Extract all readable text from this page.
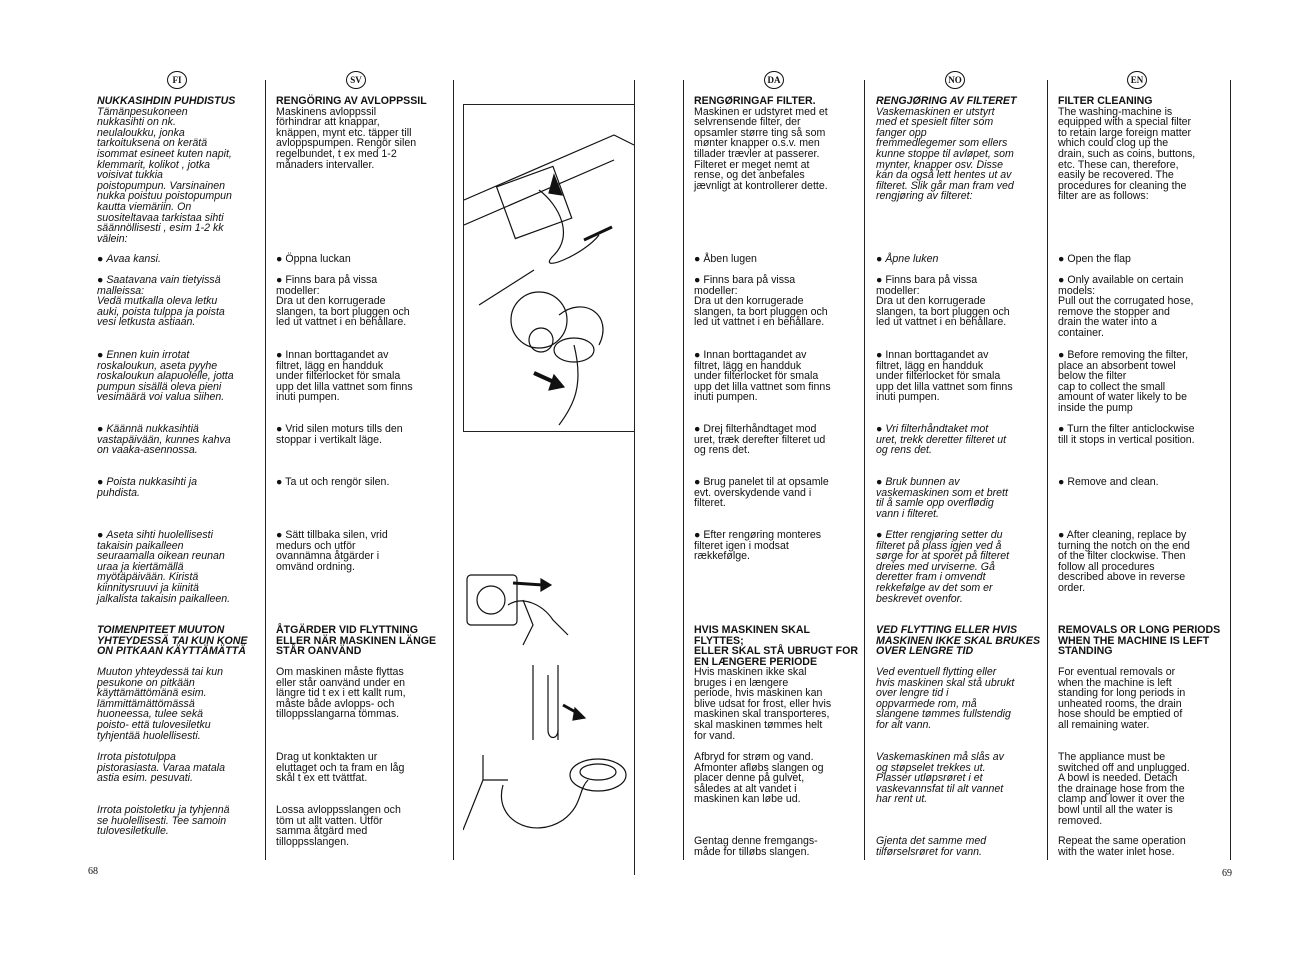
FI	SV	DA	NO	EN

NUKKASIHDIN PUHDISTUS

Tämänpesukoneen
nukkasihti on nk.
neulaloukku, jonka
tarkoituksena on kerätä
isommat esineet kuten napit,
klemmarit, kolikot , jotka
voisivat tukkia
poistopumpun. Varsinainen
nukka poistuu poistopumpun
kautta viemäriin. On
suositeltavaa tarkistaa sihti
säännöllisesti , esim 1-2 kk
välein:

● Avaa kansi.

● Saatavana vain tietyissä
malleissa:
Vedä mutkalla oleva letku
auki, poista tulppa ja poista
vesi letkusta astiaan.

● Ennen kuin irrotat
roskaloukun, aseta pyyhe
roskaloukun alapuolelle, jotta
pumpun sisällä oleva pieni
vesimäärä voi valua siihen.

● Käännä nukkasihtiä
vastapäivään, kunnes kahva
on vaaka-asennossa.

● Poista nukkasihti ja
puhdista.

● Aseta sihti huolellisesti
takaisin paikalleen
seuraamalla oikean reunan
uraa ja kiertämällä
myötäpäivään. Kiristä
kiinnitysruuvi ja kiinitä
jalkalista takaisin paikalleen.

TOIMENPITEET MUUTON
YHTEYDESSÄ TAI KUN KONE
ON PITKAAN KÄYTTÄMÄTTÄ

Muuton yhteydessä tai kun
pesukone on pitkään
käyttämättömänä esim.
lämmittämättömässä
huoneessa, tulee sekä
poisto- että tulovesiletku
tyhjentää huolellisesti.

Irrota pistotulppa
pistorasiasta. Varaa matala
astia esim. pesuvati.

Irrota poistoletku ja tyhjennä
se huolellisesti. Tee samoin
tulovesiletkulle.

RENGÖRING AV AVLOPPSSIL

Maskinens avloppssil
förhindrar att knappar,
knäppen, mynt etc. täpper till
avloppspumpen. Rengör silen
regelbundet, t ex med 1-2
månaders intervaller.

● Öppna luckan

● Finns bara på vissa
modeller:
Dra ut den korrugerade
slangen, ta bort pluggen och
led ut vattnet i en behållare.

● Innan borttagandet av
filtret, lägg en handduk
under filterlocket för smala
upp det lilla vattnet som finns
inuti pumpen.

● Vrid silen moturs tills den
stoppar i vertikalt läge.

● Ta ut och rengör silen.

● Sätt tillbaka silen, vrid
medurs och utför
ovannämna åtgärder i
omvänd ordning.

ÅTGÄRDER VID FLYTTNING
ELLER NÄR MASKINEN LÄNGE
STÅR OANVÄND

Om maskinen måste flyttas
eller står oanvänd under en
längre tid t ex i ett kallt rum,
måste både avlopps- och
tilloppsslangarna tömmas.

Drag ut konktakten ur
eluttaget och ta fram en låg
skål t ex ett tvättfat.

Lossa avloppsslangen och
töm ut allt vatten. Utför
samma åtgärd med
tilloppsslangen.

RENGØRINGAF FILTER.

Maskinen er udstyret med et
selvrensende filter, der
opsamler større ting så som
mønter knapper o.s.v. men
tillader trævler at passerer.
Filteret er meget nemt at
rense, og det anbefales
jævnligt at kontrollerer dette.

● Åben lugen

● Finns bara på vissa
modeller:
Dra ut den korrugerade
slangen, ta bort pluggen och
led ut vattnet i en behållare.

● Innan borttagandet av
filtret, lägg en handduk
under filterlocket för smala
upp det lilla vattnet som finns
inuti pumpen.

● Drej filterhåndtaget mod
uret, træk derefter filteret ud
og rens det.

● Brug panelet til at opsamle
evt. overskydende vand i
filteret.

● Efter rengøring monteres
filteret igen i modsat
rækkefølge.

HVIS MASKINEN SKAL FLYTTES;
ELLER SKAL STÅ UBRUGT FOR
EN LÆNGERE PERIODE

Hvis maskinen ikke skal
bruges i en længere
periode, hvis maskinen kan
blive udsat for frost, eller hvis
maskinen skal transporteres,
skal maskinen tømmes helt
for vand.

Afbryd for strøm og vand.
Afmonter afløbs slangen og
placer denne på gulvet,
således at alt vandet i
maskinen kan løbe ud.

Gentag denne fremgangs-
måde for tilløbs slangen.

RENGJØRING AV FILTERET

Vaskemaskinen er utstyrt
med et spesielt filter som
fanger opp
fremmedlegemer som ellers
kunne stoppe til avløpet, som
mynter, knapper osv. Disse
kan da også lett hentes ut av
filteret. Slik går man fram ved
rengjøring av filteret:

● Åpne luken

● Finns bara på vissa
modeller:
Dra ut den korrugerade
slangen, ta bort pluggen och
led ut vattnet i en behållare.

● Innan borttagandet av
filtret, lägg en handduk
under filterlocket för smala
upp det lilla vattnet som finns
inuti pumpen.

● Vri filterhåndtaket mot
uret, trekk deretter filteret ut
og rens det.

● Bruk bunnen av
vaskemaskinen som et brett
til å samle opp overflødig
vann i filteret.

● Etter rengjøring setter du
filteret på plass igjen ved å
sørge for at sporet på filteret
dreies med urviserne. Gå
deretter fram i omvendt
rekkefølge av det som er
beskrevet ovenfor.

VED FLYTTING ELLER HVIS
MASKINEN IKKE SKAL BRUKES
OVER LENGRE TID

Ved eventuell flytting eller
hvis maskinen skal stå ubrukt
over lengre tid i
oppvarmede rom, må
slangene tømmes fullstendig
for alt vann.

Vaskemaskinen må slås av
og støpselet trekkes ut.
Plasser utløpsrøret i et
vaskevannsfat til alt vannet
har rent ut.

Gjenta det samme med
tilførselsrøret for vann.

FILTER CLEANING

The washing-machine is
equipped with a special filter
to retain large foreign matter
which could clog up the
drain, such as coins, buttons,
etc. These can, therefore,
easily be recovered. The
procedures for cleaning the
filter are as follows:

● Open the flap

● Only available on certain
models:
Pull out the corrugated hose,
remove the stopper and
drain the water into a
container.

● Before removing the filter,
place an absorbent towel
below the filter
cap to collect the small
amount of water likely to be
inside the pump

● Turn the filter anticlockwise
till it stops in vertical position.

● Remove and clean.

● After cleaning, replace by
turning the notch on the end
of the filter clockwise. Then
follow all procedures
described above in reverse
order.

REMOVALS OR LONG PERIODS
WHEN THE MACHINE IS LEFT
STANDING

For eventual removals or
when the machine is left
standing for long periods in
unheated rooms, the drain
hose should be emptied of
all remaining water.

The appliance must be
switched off and unplugged.
A bowl is needed. Detach
the drainage hose from the
clamp and lower it over the
bowl until all the water is
removed.

Repeat the same operation
with the water inlet hose.

68	69
